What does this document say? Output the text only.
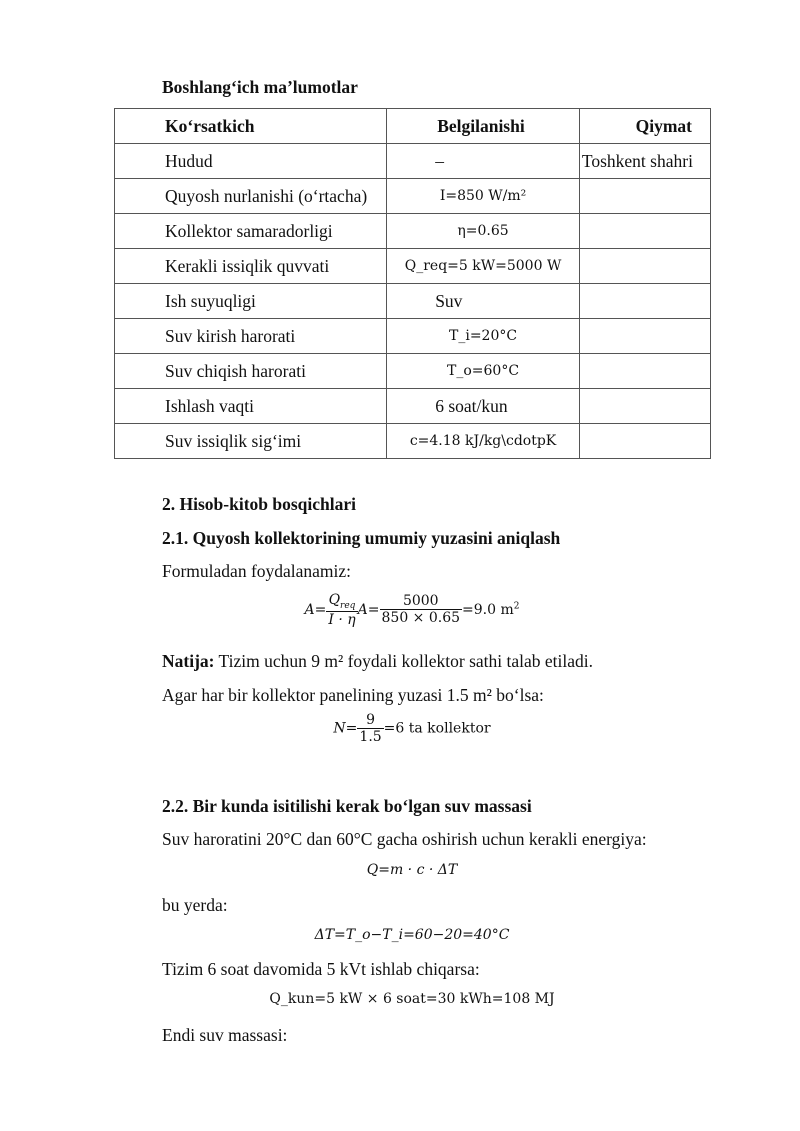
Boshlang‘ich ma’lumotlar
Ko‘rsatkich	Belgilanishi	Qiymat
Hudud	–	Toshkent shahri
Quyosh nurlanishi (o‘rtacha)	I=850 W/m²	
Kollektor samaradorligi	η=0.65	
Kerakli issiqlik quvvati	Q_req=5 kW=5000 W	
Ish suyuqligi	Suv	
Suv kirish harorati	T_i=20°C	
Suv chiqish harorati	T_o=60°C	
Ishlash vaqti	6 soat/kun	
Suv issiqlik sig‘imi	c=4.18 kJ/kg\cdotpK	
2. Hisob-kitob bosqichlari
2.1. Quyosh kollektorining umumiy yuzasini aniqlash
Formuladan foydalanamiz:
$A= \frac{Q_{req}}{I \cdot \eta} A= \frac{5000}{850 \times 0.65} =9.0$ $m^2$
Natija: Tizim uchun 9 m² foydali kollektor sathi talab etiladi.
Agar har bir kollektor panelining yuzasi 1.5 m² bo‘lsa:
$N= \frac{9}{1.5} =6$ ta kollektor
2.2. Bir kunda isitilishi kerak bo‘lgan suv massasi
Suv haroratini 20°C dan 60°C gacha oshirish uchun kerakli energiya:
Q=m · c · ΔT
bu yerda:
ΔT=T_o−T_i=60−20=40°C
Tizim 6 soat davomida 5 kVt ishlab chiqarsa:
Q_kun=5 kW × 6 soat=30 kWh=108 MJ
Endi suv massasi:
